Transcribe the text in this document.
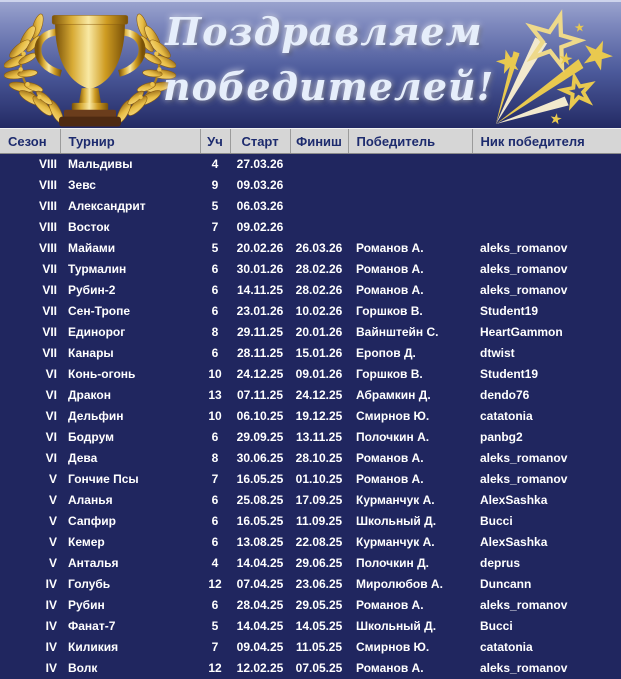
Поздравляем
победителей!
Сезон	Турнир	Уч	Старт	Финиш	Победитель	Ник победителя
VIII	Мальдивы	4	27.03.26			
VIII	Зевс	9	09.03.26			
VIII	Александрит	5	06.03.26			
VIII	Восток	7	09.02.26			
VIII	Майами	5	20.02.26	26.03.26	Романов А.	aleks_romanov
VII	Турмалин	6	30.01.26	28.02.26	Романов А.	aleks_romanov
VII	Рубин-2	6	14.11.25	28.02.26	Романов А.	aleks_romanov
VII	Сен-Тропе	6	23.01.26	10.02.26	Горшков В.	Student19
VII	Единорог	8	29.11.25	20.01.26	Вайнштейн С.	HeartGammon
VII	Канары	6	28.11.25	15.01.26	Еропов Д.	dtwist
VI	Конь-огонь	10	24.12.25	09.01.26	Горшков В.	Student19
VI	Дракон	13	07.11.25	24.12.25	Абрамкин Д.	dendo76
VI	Дельфин	10	06.10.25	19.12.25	Смирнов Ю.	catatonia
VI	Бодрум	6	29.09.25	13.11.25	Полочкин А.	panbg2
VI	Дева	8	30.06.25	28.10.25	Романов А.	aleks_romanov
V	Гончие Псы	7	16.05.25	01.10.25	Романов А.	aleks_romanov
V	Аланья	6	25.08.25	17.09.25	Курманчук А.	AlexSashka
V	Сапфир	6	16.05.25	11.09.25	Школьный Д.	Bucci
V	Кемер	6	13.08.25	22.08.25	Курманчук А.	AlexSashka
V	Анталья	4	14.04.25	29.06.25	Полочкин Д.	deprus
IV	Голубь	12	07.04.25	23.06.25	Миролюбов А.	Duncann
IV	Рубин	6	28.04.25	29.05.25	Романов А.	aleks_romanov
IV	Фанат-7	5	14.04.25	14.05.25	Школьный Д.	Bucci
IV	Киликия	7	09.04.25	11.05.25	Смирнов Ю.	catatonia
IV	Волк	12	12.02.25	07.05.25	Романов А.	aleks_romanov
